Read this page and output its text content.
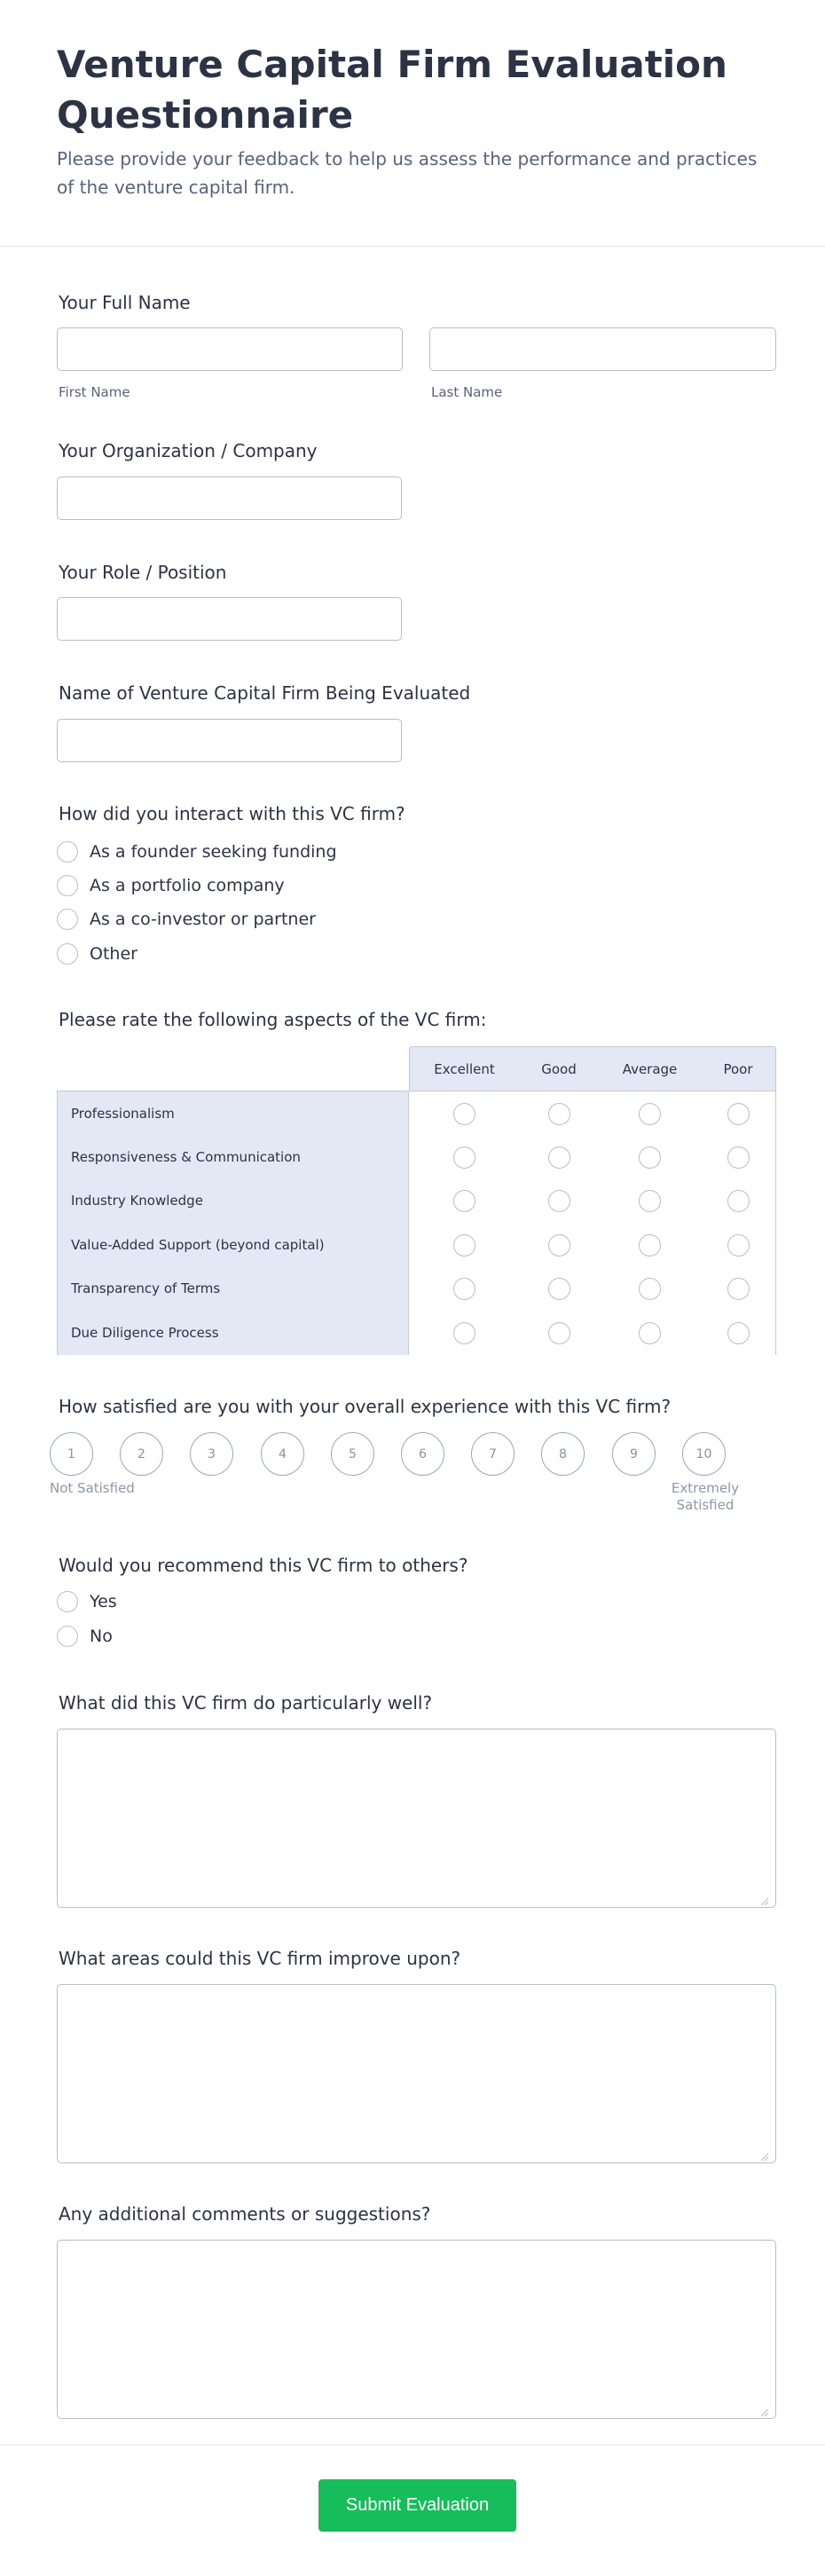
Venture Capital Firm Evaluation Questionnaire
Please provide your feedback to help us assess the performance and practices of the venture capital firm.
Your Full Name
First Name	Last Name
Your Organization / Company
Your Role / Position
Name of Venture Capital Firm Being Evaluated
How did you interact with this VC firm?
As a founder seeking funding
As a portfolio company
As a co-investor or partner
Other
Please rate the following aspects of the VC firm:
Excellent	Good	Average	Poor
Professionalism
Responsiveness & Communication
Industry Knowledge
Value-Added Support (beyond capital)
Transparency of Terms
Due Diligence Process
How satisfied are you with your overall experience with this VC firm?
1	2	3	4	5	6	7	8	9	10
Not Satisfied	Extremely
Satisfied
Would you recommend this VC firm to others?
Yes
No
What did this VC firm do particularly well?
What areas could this VC firm improve upon?
Any additional comments or suggestions?
Submit Evaluation
